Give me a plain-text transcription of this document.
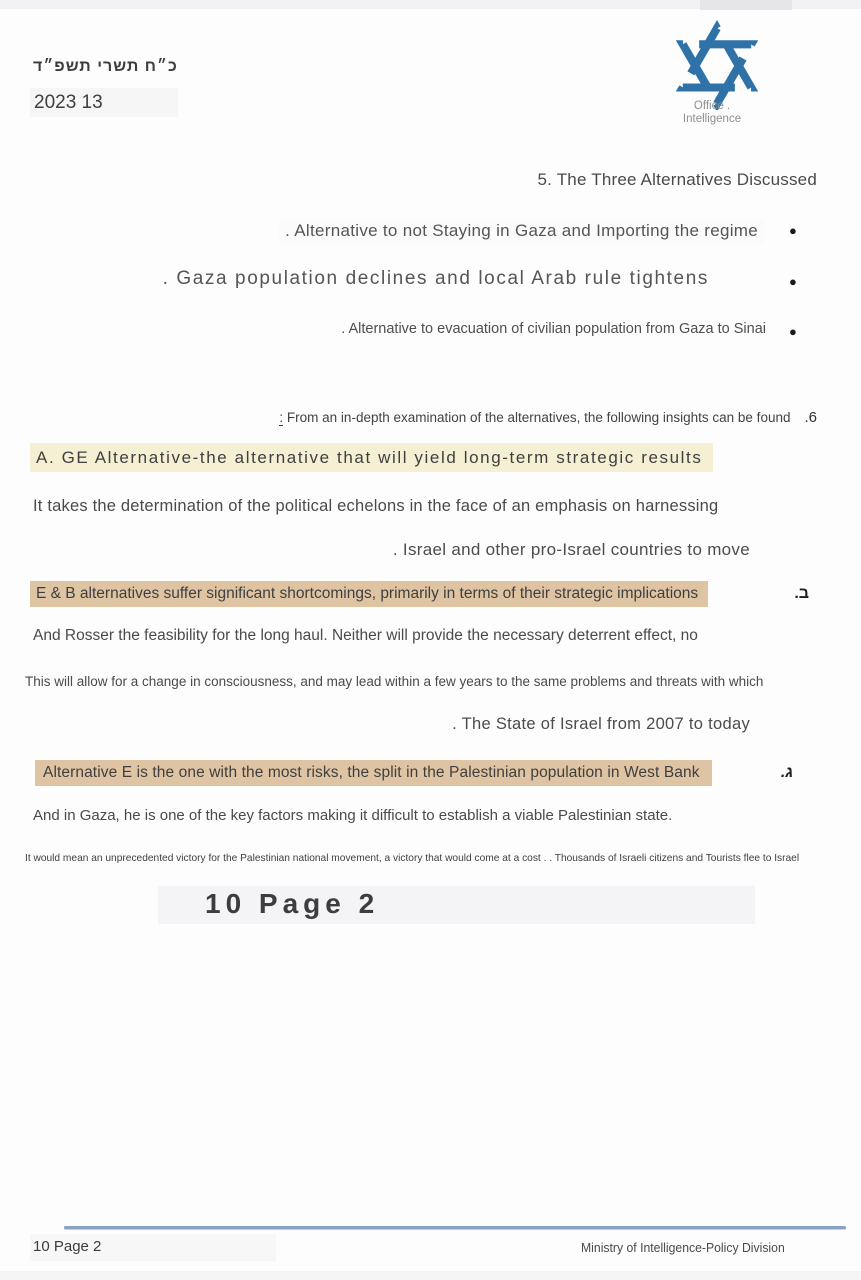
כ״ח תשרי תשפ״ד
2023 13	Office .
Intelligence
5. The Three Alternatives Discussed
. Alternative to not Staying in Gaza and Importing the regime	●
. Gaza population declines and local Arab rule tightens	●
. Alternative to evacuation of civilian population from Gaza to Sinai ●
: From an in-depth examination of the alternatives, the following insights can be found .6
A. GE Alternative-the alternative that will yield long-term strategic results
It takes the determination of the political echelons in the face of an emphasis on harnessing
. Israel and other pro-Israel countries to move
E & B alternatives suffer significant shortcomings, primarily in terms of their strategic implications	ב.
And Rosser the feasibility for the long haul. Neither will provide the necessary deterrent effect, no
This will allow for a change in consciousness, and may lead within a few years to the same problems and threats with which
. The State of Israel from 2007 to today
Alternative E is the one with the most risks, the split in the Palestinian population in West Bank	ג.
And in Gaza, he is one of the key factors making it difficult to establish a viable Palestinian state.
It would mean an unprecedented victory for the Palestinian national movement, a victory that would come at a cost . . Thousands of Israeli citizens and Tourists flee to Israel
10 Page 2
10 Page 2	Ministry of Intelligence-Policy Division
